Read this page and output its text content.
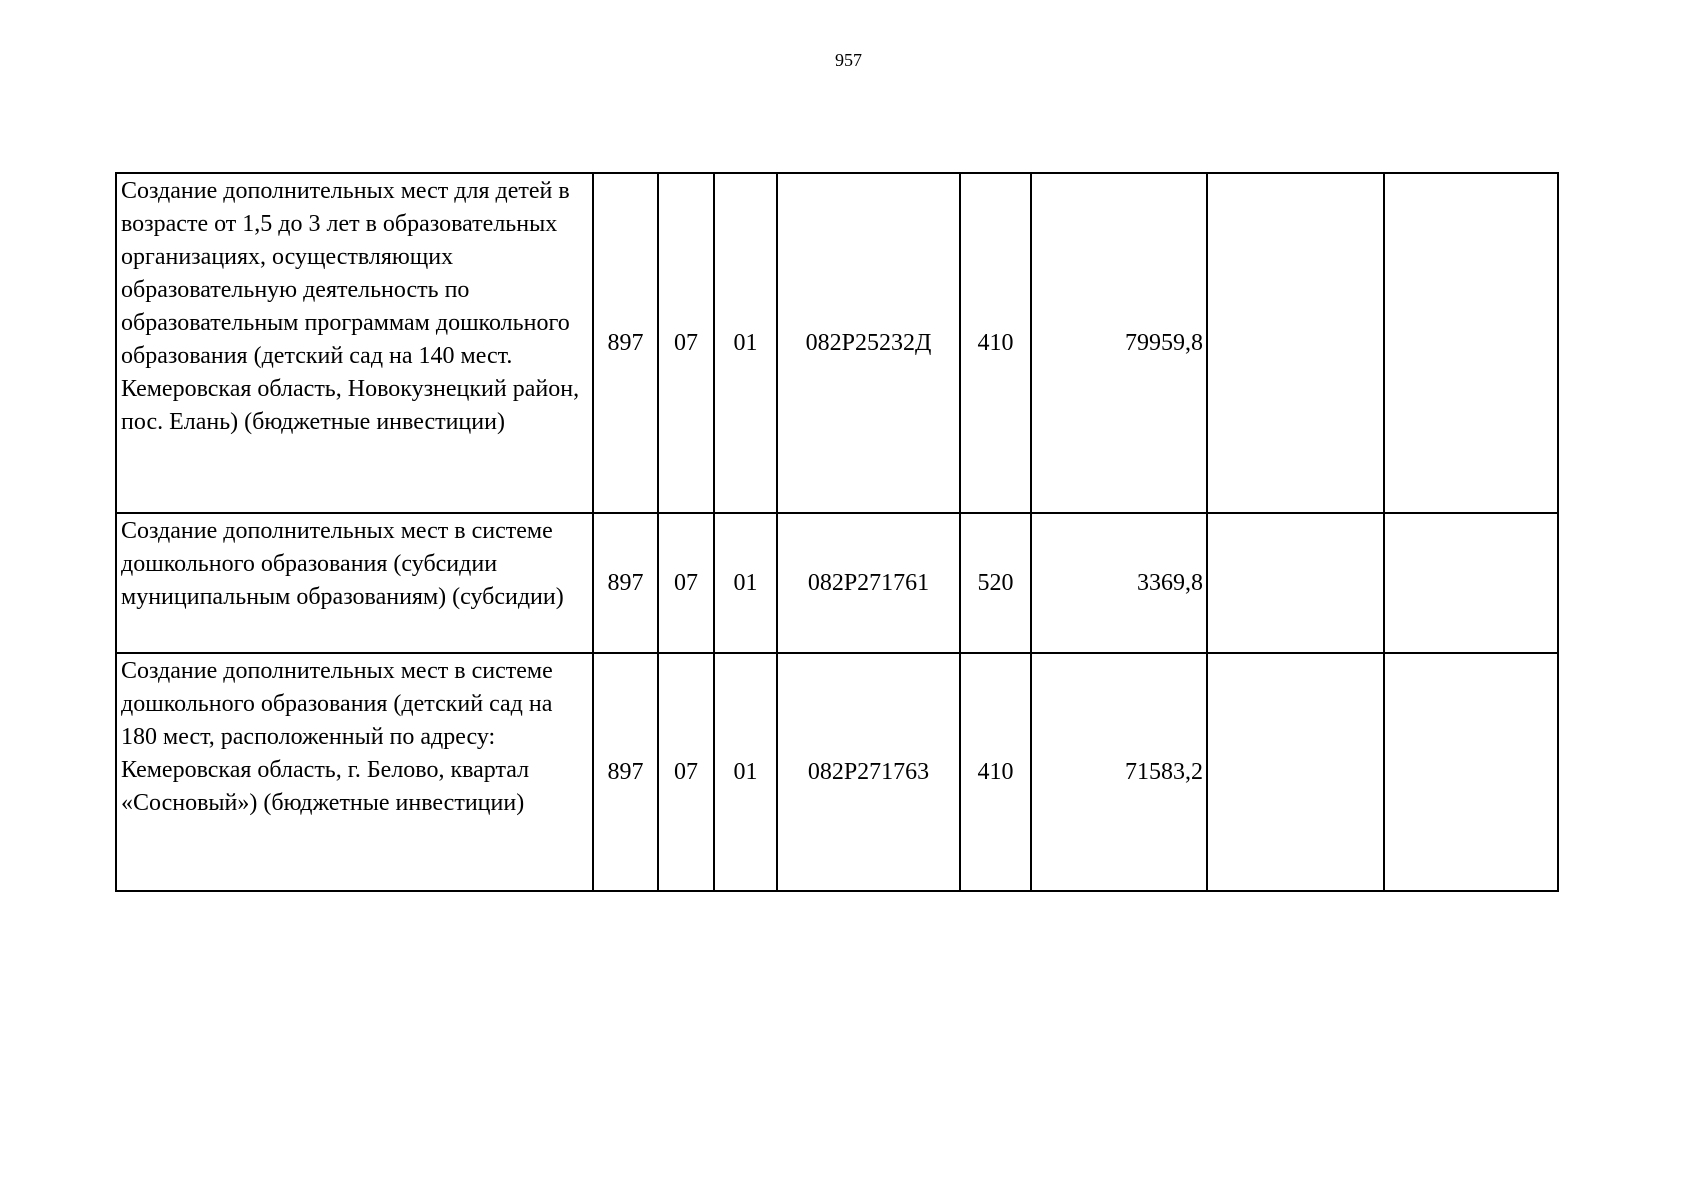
957
Создание дополнительных мест для детей в возрасте от 1,5 до 3 лет в образовательных организациях, осуществляющих образовательную деятельность по образовательным программам дошкольного образования (детский сад на 140 мест. Кемеровская область, Новокузнецкий район, пос. Елань) (бюджетные инвестиции)	897	07	01	082P25232Д	410	79959,8		
Создание дополнительных мест в системе дошкольного образования (субсидии муниципальным образованиям) (субсидии)	897	07	01	082P271761	520	3369,8		
Создание дополнительных мест в системе дошкольного образования (детский сад на 180 мест, расположенный по адресу: Кемеровская область, г. Белово, квартал «Сосновый») (бюджетные инвестиции)	897	07	01	082P271763	410	71583,2		
